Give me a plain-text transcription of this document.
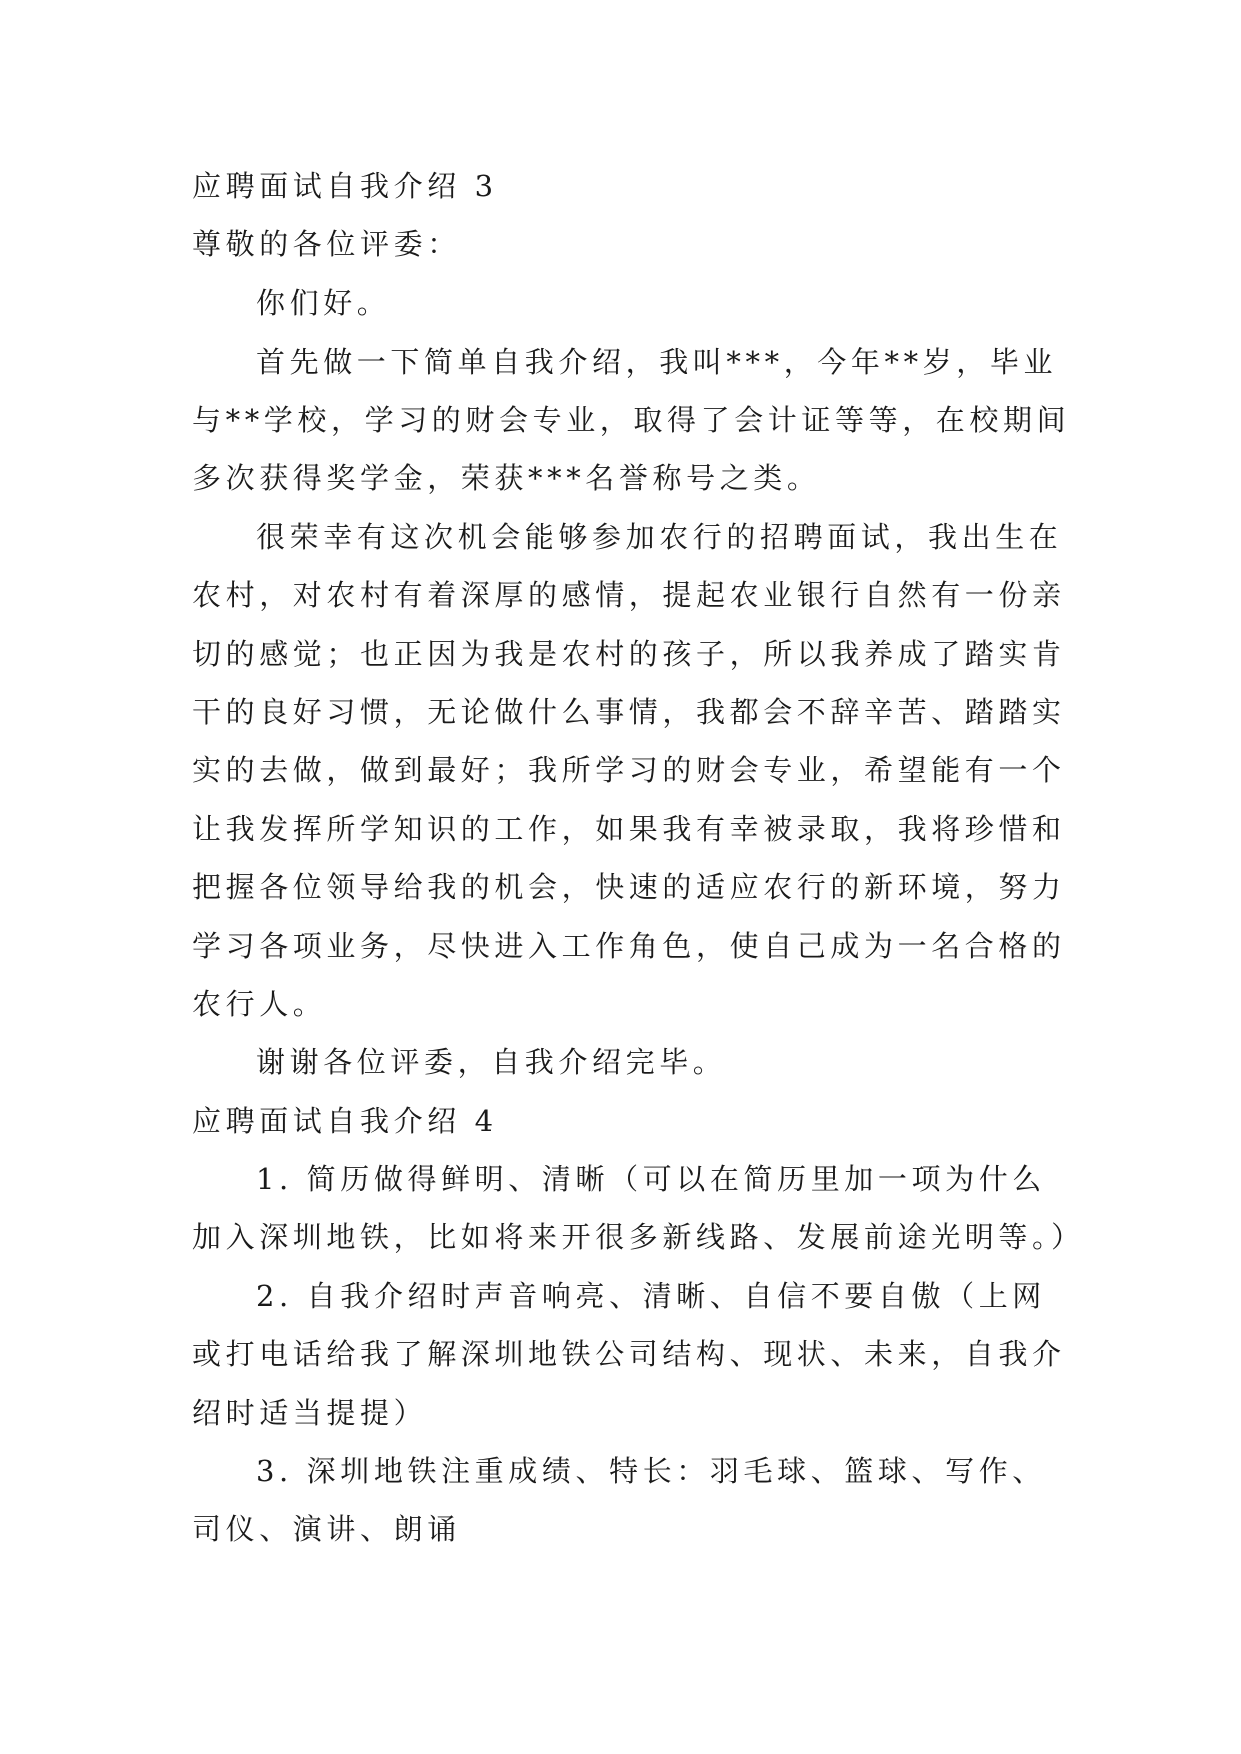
应聘面试自我介绍 3
尊敬的各位评委：
你们好。
首先做一下简单自我介绍，我叫***，今年**岁，毕业
与**学校，学习的财会专业，取得了会计证等等，在校期间
多次获得奖学金，荣获***名誉称号之类。
很荣幸有这次机会能够参加农行的招聘面试，我出生在
农村，对农村有着深厚的感情，提起农业银行自然有一份亲
切的感觉；也正因为我是农村的孩子，所以我养成了踏实肯
干的良好习惯，无论做什么事情，我都会不辞辛苦、踏踏实
实的去做，做到最好；我所学习的财会专业，希望能有一个
让我发挥所学知识的工作，如果我有幸被录取，我将珍惜和
把握各位领导给我的机会，快速的适应农行的新环境，努力
学习各项业务，尽快进入工作角色，使自己成为一名合格的
农行人。
谢谢各位评委，自我介绍完毕。
应聘面试自我介绍 4
1. 简历做得鲜明、清晰（可以在简历里加一项为什么
加入深圳地铁，比如将来开很多新线路、发展前途光明等。）
2. 自我介绍时声音响亮、清晰、自信不要自傲（上网
或打电话给我了解深圳地铁公司结构、现状、未来，自我介
绍时适当提提）
3. 深圳地铁注重成绩、特长：羽毛球、篮球、写作、
司仪、演讲、朗诵
